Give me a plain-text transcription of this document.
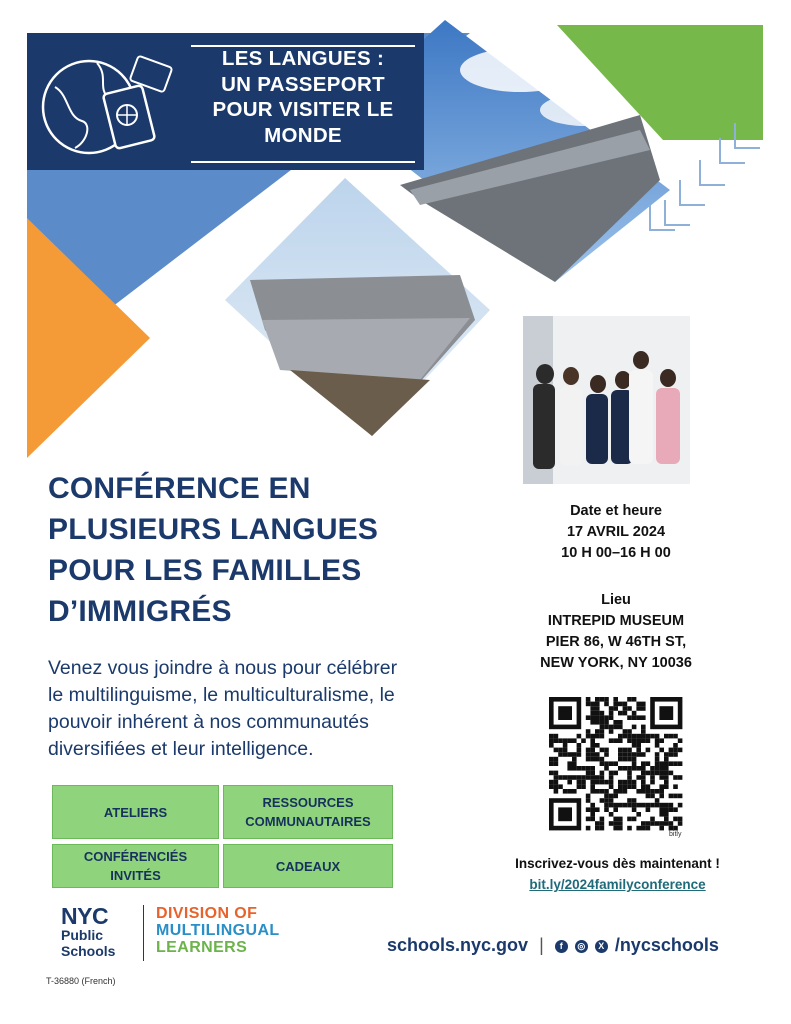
LES LANGUES :
UN PASSEPORT
POUR VISITER LE
MONDE
CONFÉRENCE EN
PLUSIEURS LANGUES
POUR LES FAMILLES
D’IMMIGRÉS
Venez vous joindre à nous pour célébrer
le multilinguisme, le multiculturalisme, le
pouvoir inhérent à nos communautés
diversifiées et leur intelligence.
ATELIERS
RESSOURCES
COMMUNAUTAIRES
CONFÉRENCIÉS
INVITÉS
CADEAUX
Date et heure
17 AVRIL 2024
10 H 00–16 H 00
Lieu
INTREPID MUSEUM
PIER 86, W 46TH ST,
NEW YORK, NY 10036
bitly
Inscrivez-vous dès maintenant !
bit.ly/2024familyconference
NYC
Public
Schools
DIVISION OF
MULTILINGUAL
LEARNERS	schools.nyc.gov | f ◎ X /nycschools
T-36880 (French)
